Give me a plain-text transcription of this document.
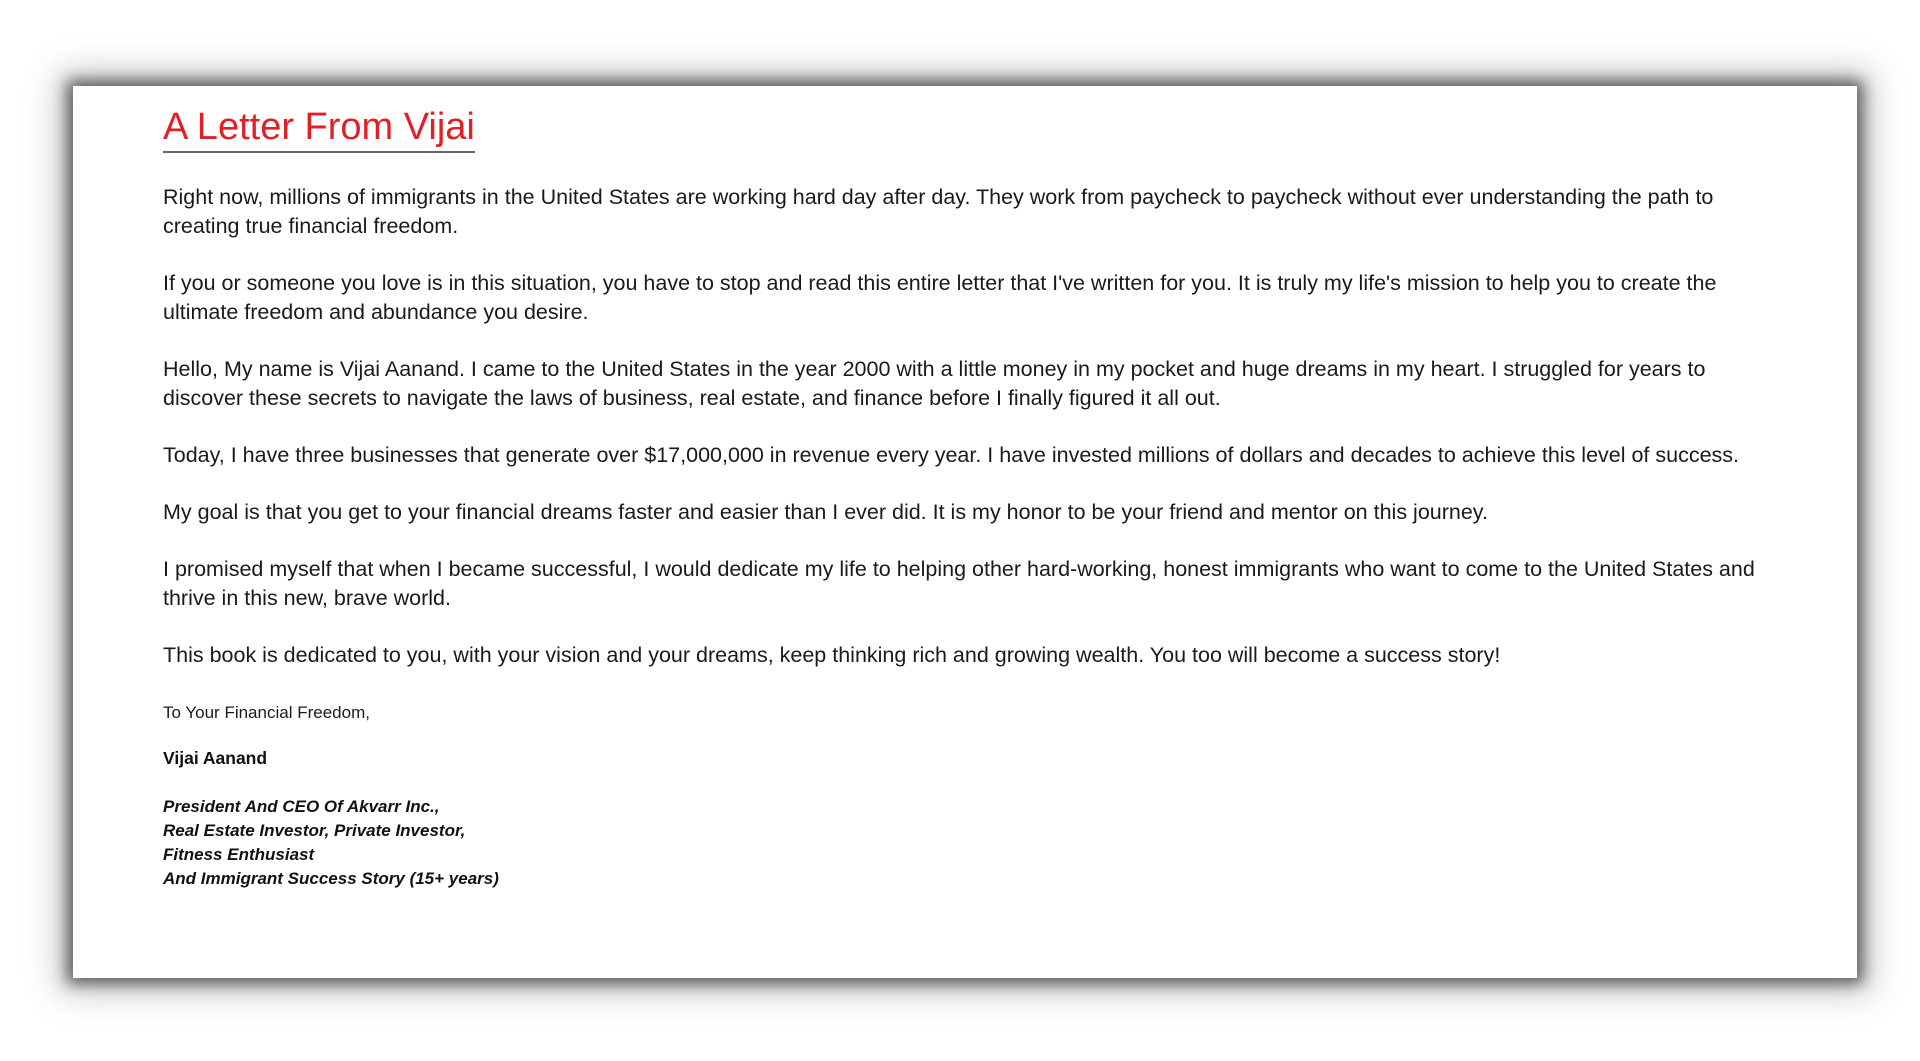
A Letter From Vijai

Right now, millions of immigrants in the United States are working hard day after day. They work from paycheck to paycheck without ever understanding the path to creating true financial freedom.

If you or someone you love is in this situation, you have to stop and read this entire letter that I've written for you. It is truly my life's mission to help you to create the ultimate freedom and abundance you desire.

Hello, My name is Vijai Aanand. I came to the United States in the year 2000 with a little money in my pocket and huge dreams in my heart. I struggled for years to discover these secrets to navigate the laws of business, real estate, and finance before I finally figured it all out.

Today, I have three businesses that generate over $17,000,000 in revenue every year. I have invested millions of dollars and decades to achieve this level of success.

My goal is that you get to your financial dreams faster and easier than I ever did. It is my honor to be your friend and mentor on this journey.

I promised myself that when I became successful, I would dedicate my life to helping other hard-working, honest immigrants who want to come to the United States and thrive in this new, brave world.

This book is dedicated to you, with your vision and your dreams, keep thinking rich and growing wealth. You too will become a success story!

To Your Financial Freedom,
Vijai Aanand
President And CEO Of Akvarr Inc.,
Real Estate Investor, Private Investor,
Fitness Enthusiast
And Immigrant Success Story (15+ years)
